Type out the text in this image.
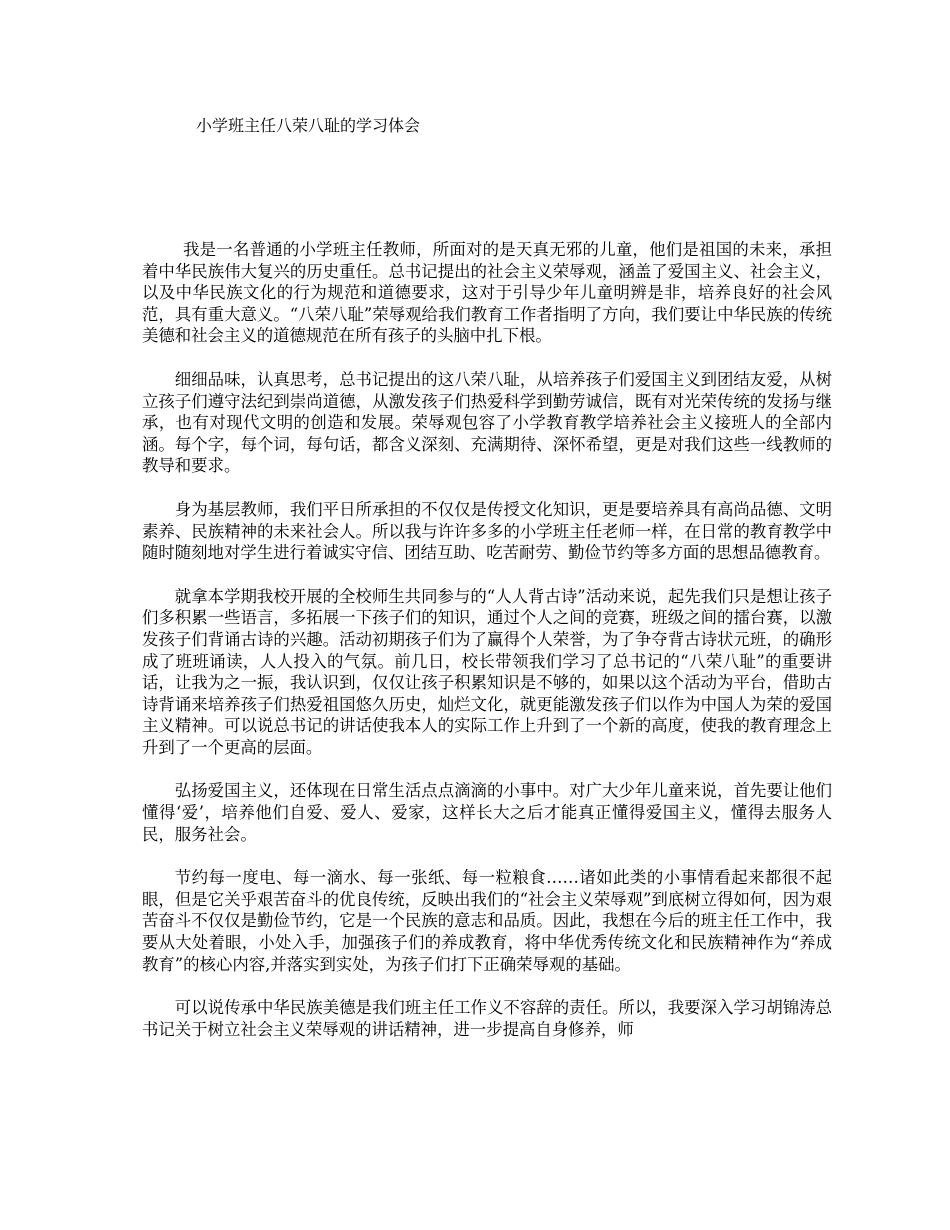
小学班主任八荣八耻的学习体会

我是一名普通的小学班主任教师，所面对的是天真无邪的儿童，他们是祖国的未来，承担着中华民族伟大复兴的历史重任。总书记提出的社会主义荣辱观，涵盖了爱国主义、社会主义，以及中华民族文化的行为规范和道德要求，这对于引导少年儿童明辨是非，培养良好的社会风范，具有重大意义。“八荣八耻”荣辱观给我们教育工作者指明了方向，我们要让中华民族的传统美德和社会主义的道德规范在所有孩子的头脑中扎下根。

细细品味，认真思考，总书记提出的这八荣八耻，从培养孩子们爱国主义到团结友爱，从树立孩子们遵守法纪到崇尚道德，从激发孩子们热爱科学到勤劳诚信，既有对光荣传统的发扬与继承，也有对现代文明的创造和发展。荣辱观包容了小学教育教学培养社会主义接班人的全部内涵。每个字，每个词，每句话，都含义深刻、充满期待、深怀希望，更是对我们这些一线教师的教导和要求。

身为基层教师，我们平日所承担的不仅仅是传授文化知识，更是要培养具有高尚品德、文明素养、民族精神的未来社会人。所以我与许许多多的小学班主任老师一样，在日常的教育教学中随时随刻地对学生进行着诚实守信、团结互助、吃苦耐劳、勤俭节约等多方面的思想品德教育。

就拿本学期我校开展的全校师生共同参与的“人人背古诗”活动来说，起先我们只是想让孩子们多积累一些语言，多拓展一下孩子们的知识，通过个人之间的竞赛，班级之间的擂台赛，以激发孩子们背诵古诗的兴趣。活动初期孩子们为了赢得个人荣誉，为了争夺背古诗状元班，的确形成了班班诵读，人人投入的气氛。前几日，校长带领我们学习了总书记的“八荣八耻”的重要讲话，让我为之一振，我认识到，仅仅让孩子积累知识是不够的，如果以这个活动为平台，借助古诗背诵来培养孩子们热爱祖国悠久历史，灿烂文化，就更能激发孩子们以作为中国人为荣的爱国主义精神。可以说总书记的讲话使我本人的实际工作上升到了一个新的高度，使我的教育理念上升到了一个更高的层面。

弘扬爱国主义，还体现在日常生活点点滴滴的小事中。对广大少年儿童来说，首先要让他们懂得‘爱’，培养他们自爱、爱人、爱家，这样长大之后才能真正懂得爱国主义，懂得去服务人民，服务社会。

节约每一度电、每一滴水、每一张纸、每一粒粮食……诸如此类的小事情看起来都很不起眼，但是它关乎艰苦奋斗的优良传统，反映出我们的“社会主义荣辱观”到底树立得如何，因为艰苦奋斗不仅仅是勤俭节约，它是一个民族的意志和品质。因此，我想在今后的班主任工作中，我要从大处着眼，小处入手，加强孩子们的养成教育，将中华优秀传统文化和民族精神作为“养成教育”的核心内容,并落实到实处，为孩子们打下正确荣辱观的基础。

可以说传承中华民族美德是我们班主任工作义不容辞的责任。所以，我要深入学习胡锦涛总书记关于树立社会主义荣辱观的讲话精神，进一步提高自身修养，师
